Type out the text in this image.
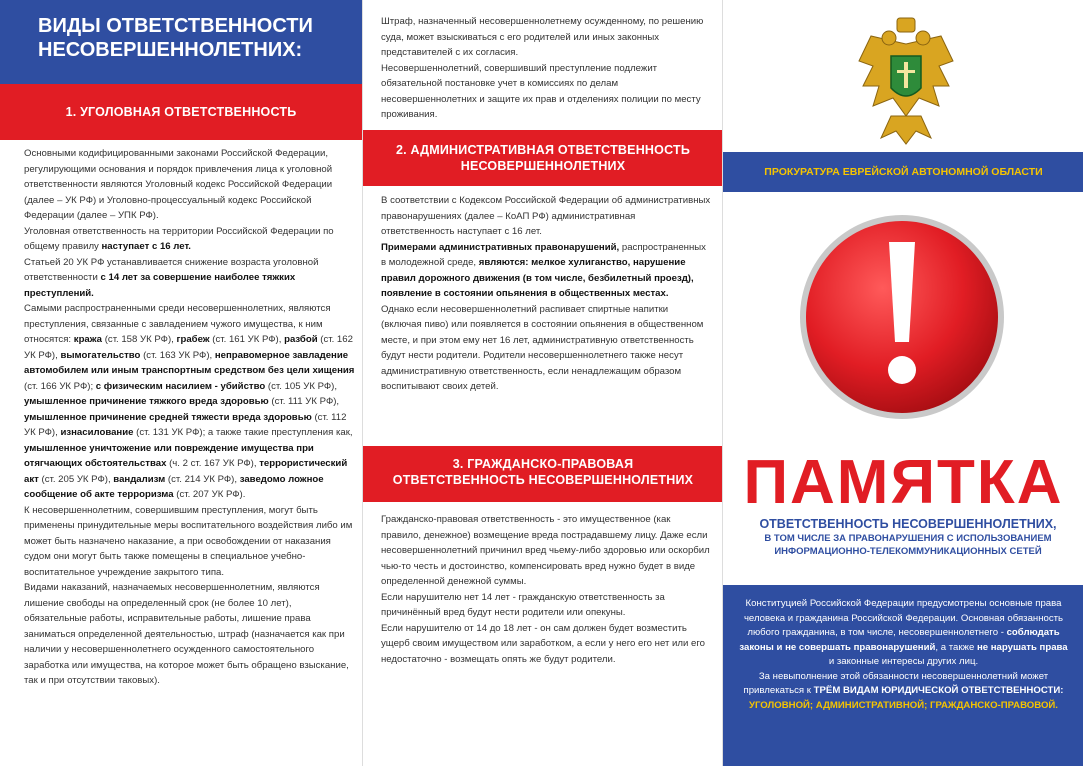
ВИДЫ ОТВЕТСТВЕННОСТИ
НЕСОВЕРШЕННОЛЕТНИХ:
1. УГОЛОВНАЯ ОТВЕТСТВЕННОСТЬ

Основными кодифицированными законами Российской Федерации, регулирующими основания и порядок привлечения лица к уголовной ответственности являются Уголовный кодекс Российской Федерации (далее – УК РФ) и Уголовно-процессуальный кодекс Российской Федерации (далее – УПК РФ).

Уголовная ответственность на территории Российской Федерации по общему правилу наступает с 16 лет.

Статьей 20 УК РФ устанавливается снижение возраста уголовной ответственности с 14 лет за совершение наиболее тяжких преступлений.

Самыми распространенными среди несовершеннолетних, являются преступления, связанные с завладением чужого имущества, к ним относятся: кража (ст. 158 УК РФ), грабеж (ст. 161 УК РФ), разбой (ст. 162 УК РФ), вымогательство (ст. 163 УК РФ), неправомерное завладение автомобилем или иным транспортным средством без цели хищения (ст. 166 УК РФ); с физическим насилием - убийство (ст. 105 УК РФ), умышленное причинение тяжкого вреда здоровью (ст. 111 УК РФ), умышленное причинение средней тяжести вреда здоровью (ст. 112 УК РФ), изнасилование (ст. 131 УК РФ); а также такие преступления как, умышленное уничтожение или повреждение имущества при отягчающих обстоятельствах (ч. 2 ст. 167 УК РФ), террористический акт (ст. 205 УК РФ), вандализм (ст. 214 УК РФ), заведомо ложное сообщение об акте терроризма (ст. 207 УК РФ).

К несовершеннолетним, совершившим преступления, могут быть применены принудительные меры воспитательного воздействия либо им может быть назначено наказание, а при освобождении от наказания судом они могут быть также помещены в специальное учебно-воспитательное учреждение закрытого типа.

Видами наказаний, назначаемых несовершеннолетним, являются лишение свободы на определенный срок (не более 10 лет), обязательные работы, исправительные работы, лишение права заниматься определенной деятельностью, штраф (назначается как при наличии у несовершеннолетнего осужденного самостоятельного заработка или имущества, на которое может быть обращено взыскание, так и при отсутствии таковых).

Штраф, назначенный несовершеннолетнему осужденному, по решению суда, может взыскиваться с его родителей или иных законных представителей с их согласия.

Несовершеннолетний, совершивший преступление подлежит обязательной постановке учет в комиссиях по делам несовершеннолетних и защите их прав и отделениях полиции по месту проживания.

2. АДМИНИСТРАТИВНАЯ ОТВЕТСТВЕННОСТЬ
НЕСОВЕРШЕННОЛЕТНИХ

В соответствии с Кодексом Российской Федерации об административных правонарушениях (далее – КоАП РФ) административная ответственность наступает с 16 лет.

Примерами административных правонарушений, распространенных в молодежной среде, являются: мелкое хулиганство, нарушение правил дорожного движения (в том числе, безбилетный проезд), появление в состоянии опьянения в общественных местах.

Однако если несовершеннолетний распивает спиртные напитки (включая пиво) или появляется в состоянии опьянения в общественном месте, и при этом ему нет 16 лет, административную ответственность будут нести родители. Родители несовершеннолетнего также несут административную ответственность, если ненадлежащим образом воспитывают своих детей.

3. ГРАЖДАНСКО-ПРАВОВАЯ
ОТВЕТСТВЕННОСТЬ НЕСОВЕРШЕННОЛЕТНИХ

Гражданско-правовая ответственность - это имущественное (как правило, денежное) возмещение вреда пострадавшему лицу. Даже если несовершеннолетний причинил вред чьему-либо здоровью или оскорбил чью-то честь и достоинство, компенсировать вред нужно будет в виде определенной денежной суммы.

Если нарушителю нет 14 лет - гражданскую ответственность за причинённый вред будут нести родители или опекуны.

Если нарушителю от 14 до 18 лет - он сам должен будет возместить ущерб своим имуществом или заработком, а если у него его нет или его недостаточно - возмещать опять же будут родители.

ПРОКУРАТУРА ЕВРЕЙСКОЙ АВТОНОМНОЙ ОБЛАСТИ
ПАМЯТКА
ОТВЕТСТВЕННОСТЬ НЕСОВЕРШЕННОЛЕТНИХ,
В ТОМ ЧИСЛЕ ЗА ПРАВОНАРУШЕНИЯ С ИСПОЛЬЗОВАНИЕМ
ИНФОРМАЦИОННО-ТЕЛЕКОММУНИКАЦИОННЫХ СЕТЕЙ

Конституцией Российской Федерации предусмотрены основные права человека и гражданина Российской Федерации. Основная обязанность любого гражданина, в том числе, несовершеннолетнего - соблюдать законы и не совершать правонарушений, а также не нарушать права и законные интересы других лиц.

За невыполнение этой обязанности несовершеннолетний может привлекаться к ТРЁМ ВИДАМ ЮРИДИЧЕСКОЙ ОТВЕТСТВЕННОСТИ: УГОЛОВНОЙ; АДМИНИСТРАТИВНОЙ; ГРАЖДАНСКО-ПРАВОВОЙ.
